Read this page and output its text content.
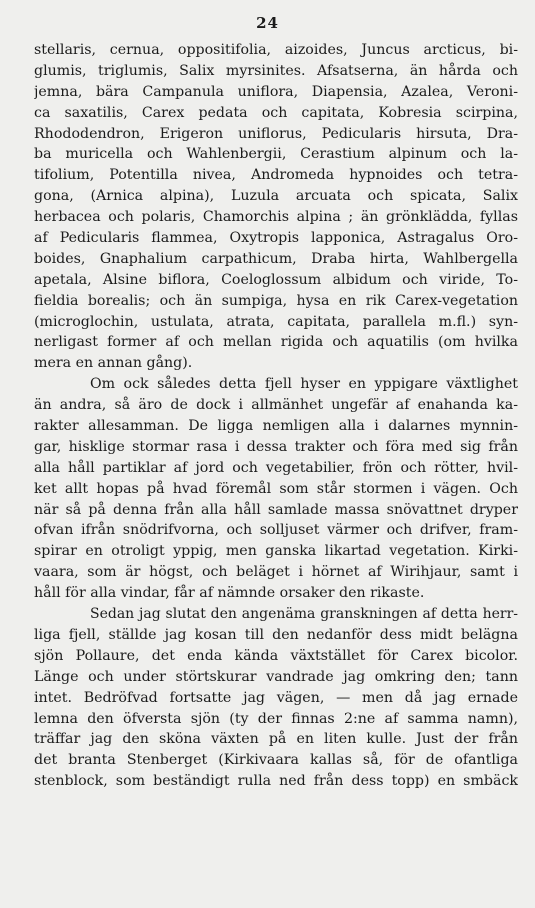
24
stellaris, cernua, oppositifolia, aizoides, Juncus arcticus, bi-
glumis, triglumis, Salix myrsinites. Afsatserna, än hårda och
jemna, bära Campanula uniflora, Diapensia, Azalea, Veroni-
ca saxatilis, Carex pedata och capitata, Kobresia scirpina,
Rhododendron, Erigeron uniflorus, Pedicularis hirsuta, Dra-
ba muricella och Wahlenbergii, Cerastium alpinum och la-
tifolium, Potentilla nivea, Andromeda hypnoides och tetra-
gona, (Arnica alpina), Luzula arcuata och spicata, Salix
herbacea och polaris, Chamorchis alpina ; än grönklädda, fyllas
af Pedicularis flammea, Oxytropis lapponica, Astragalus Oro-
boides, Gnaphalium carpathicum, Draba hirta, Wahlbergella
apetala, Alsine biflora, Coeloglossum albidum och viride, To-
fieldia borealis; och än sumpiga, hysa en rik Carex-vegetation
(microglochin, ustulata, atrata, capitata, parallela m.fl.) syn-
nerligast former af och mellan rigida och aquatilis (om hvilka
mera en annan gång).
Om ock således detta fjell hyser en yppigare växtlighet
än andra, så äro de dock i allmänhet ungefär af enahanda ka-
rakter allesamman. De ligga nemligen alla i dalarnes mynnin-
gar, hisklige stormar rasa i dessa trakter och föra med sig från
alla håll partiklar af jord och vegetabilier, frön och rötter, hvil-
ket allt hopas på hvad föremål som står stormen i vägen. Och
när så på denna från alla håll samlade massa snövattnet dryper
ofvan ifrån snödrifvorna, och solljuset värmer och drifver, fram-
spirar en otroligt yppig, men ganska likartad vegetation. Kirki-
vaara, som är högst, och beläget i hörnet af Wirihjaur, samt i
håll för alla vindar, får af nämnde orsaker den rikaste.
Sedan jag slutat den angenäma granskningen af detta herr-
liga fjell, ställde jag kosan till den nedanför dess midt belägna
sjön Pollaure, det enda kända växtstället för Carex bicolor.
Länge och under störtskurar vandrade jag omkring den; tann
intet. Bedröfvad fortsatte jag vägen, — men då jag ernade
lemna den öfversta sjön (ty der finnas 2:ne af samma namn),
träffar jag den sköna växten på en liten kulle. Just der från
det branta Stenberget (Kirkivaara kallas så, för de ofantliga
stenblock, som beständigt rulla ned från dess topp) en smbäck
